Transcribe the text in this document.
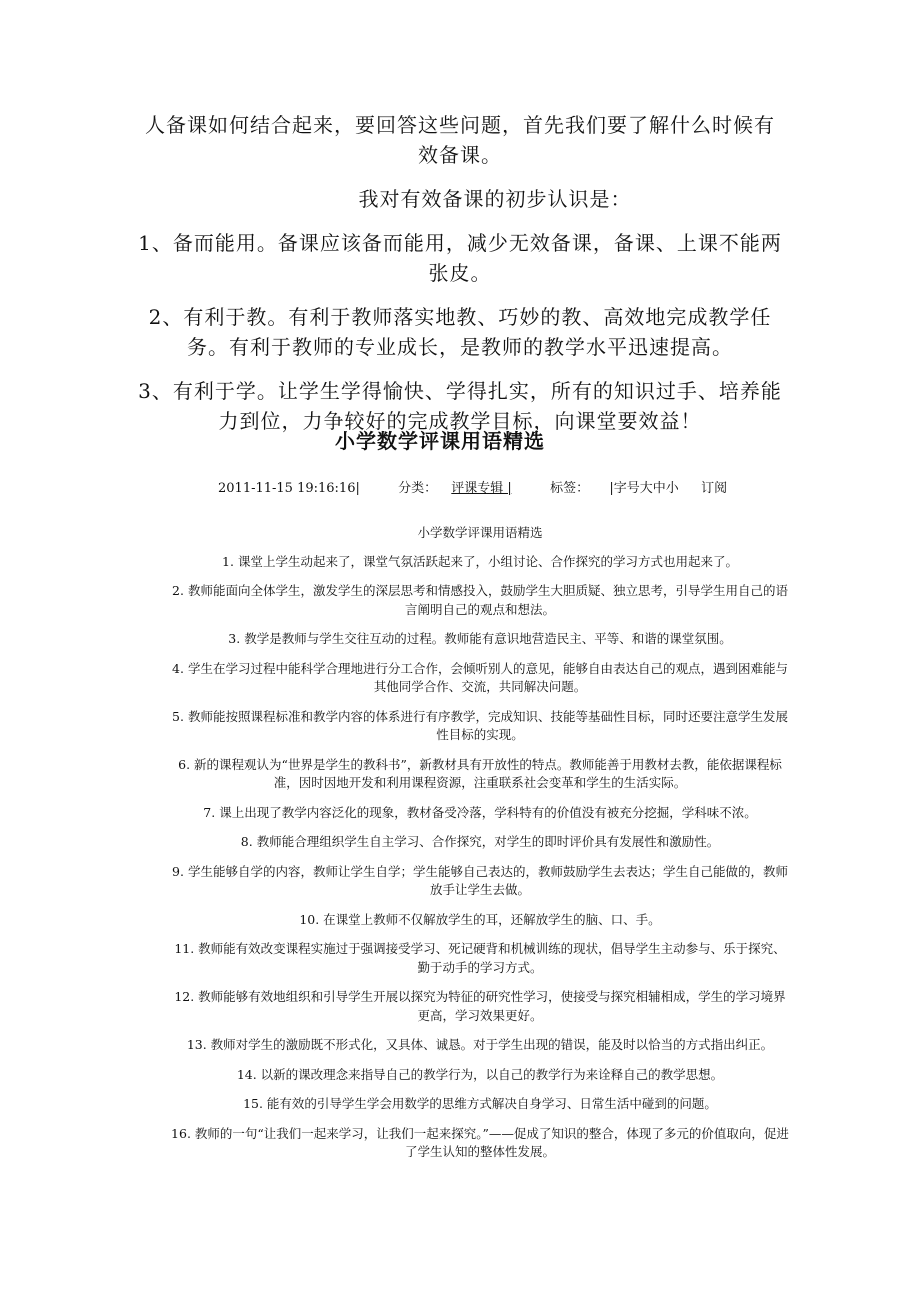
人备课如何结合起来，要回答这些问题，首先我们要了解什么时候有效备课。

我对有效备课的初步认识是：

1、备而能用。备课应该备而能用，减少无效备课，备课、上课不能两张皮。

2、有利于教。有利于教师落实地教、巧妙的教、高效地完成教学任务。有利于教师的专业成长，是教师的教学水平迅速提高。

3、有利于学。让学生学得愉快、学得扎实，所有的知识过手、培养能力到位，力争较好的完成教学目标，向课堂要效益！

小学数学评课用语精选
2011-11-15 19:16:16|	分类： 评课专辑 |	标签： |字号大中小 订阅

小学数学评课用语精选

1. 课堂上学生动起来了，课堂气氛活跃起来了，小组讨论、合作探究的学习方式也用起来了。

2. 教师能面向全体学生，激发学生的深层思考和情感投入，鼓励学生大胆质疑、独立思考，引导学生用自己的语言阐明自己的观点和想法。

3. 教学是教师与学生交往互动的过程。教师能有意识地营造民主、平等、和谐的课堂氛围。

4. 学生在学习过程中能科学合理地进行分工合作，会倾听别人的意见，能够自由表达自己的观点，遇到困难能与其他同学合作、交流，共同解决问题。

5. 教师能按照课程标准和教学内容的体系进行有序教学，完成知识、技能等基础性目标，同时还要注意学生发展性目标的实现。

6. 新的课程观认为“世界是学生的教科书”，新教材具有开放性的特点。教师能善于用教材去教，能依据课程标准，因时因地开发和利用课程资源，注重联系社会变革和学生的生活实际。

7. 课上出现了教学内容泛化的现象，教材备受冷落，学科特有的价值没有被充分挖掘，学科味不浓。

8. 教师能合理组织学生自主学习、合作探究，对学生的即时评价具有发展性和激励性。

9. 学生能够自学的内容，教师让学生自学；学生能够自己表达的，教师鼓励学生去表达；学生自己能做的，教师放手让学生去做。

10. 在课堂上教师不仅解放学生的耳，还解放学生的脑、口、手。

11. 教师能有效改变课程实施过于强调接受学习、死记硬背和机械训练的现状，倡导学生主动参与、乐于探究、勤于动手的学习方式。

12. 教师能够有效地组织和引导学生开展以探究为特征的研究性学习，使接受与探究相辅相成，学生的学习境界更高，学习效果更好。

13. 教师对学生的激励既不形式化，又具体、诚恳。对于学生出现的错误，能及时以恰当的方式指出纠正。

14. 以新的课改理念来指导自己的教学行为，以自己的教学行为来诠释自己的教学思想。

15. 能有效的引导学生学会用数学的思维方式解决自身学习、日常生活中碰到的问题。

16. 教师的一句“让我们一起来学习，让我们一起来探究。”——促成了知识的整合，体现了多元的价值取向，促进了学生认知的整体性发展。
